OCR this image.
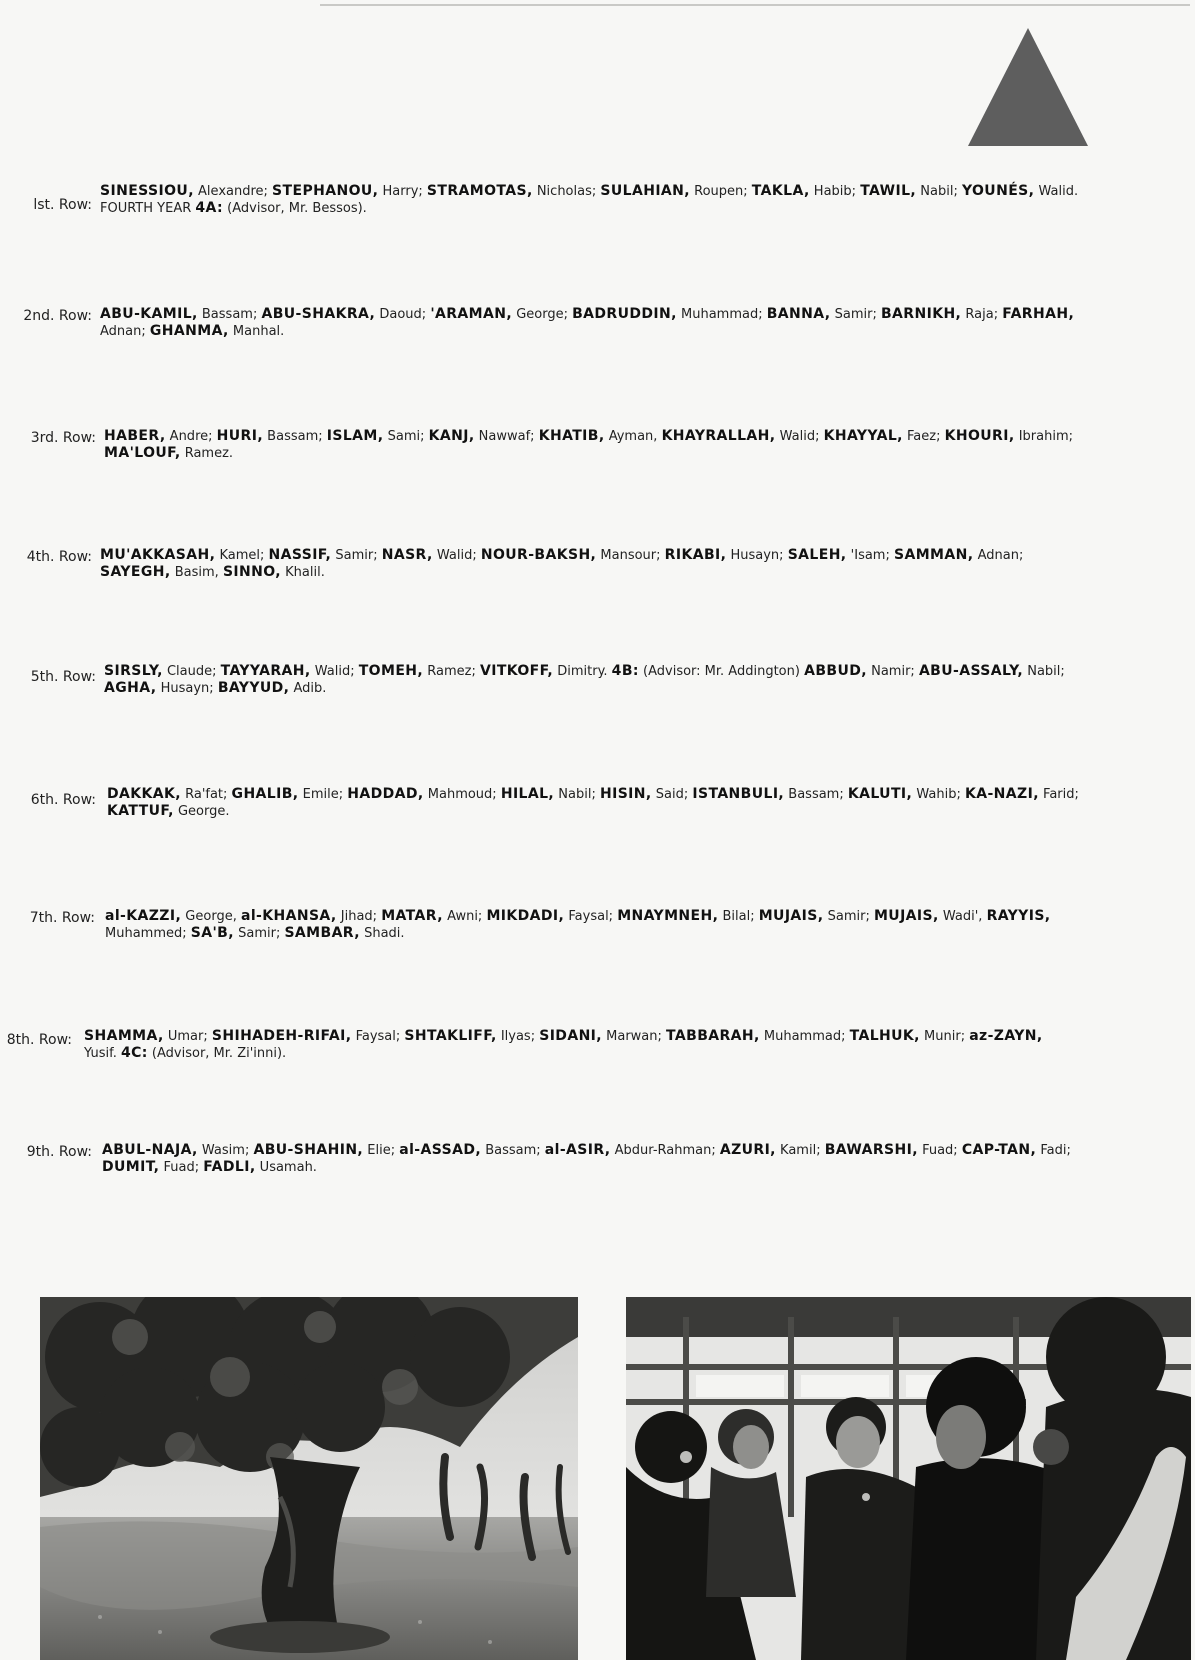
lst. Row:
SINESSIOU, Alexandre; STEPHANOU, Harry; STRAMOTAS, Nicholas; SULAHIAN, Roupen; TAKLA, Habib; TAWIL, Nabil; YOUNÉS, Walid. FOURTH YEAR 4A: (Advisor, Mr. Bessos).
2nd. Row: ABU-KAMIL, Bassam; ABU-SHAKRA, Daoud; 'ARAMAN, George; BADRUDDIN, Muhammad; BANNA, Samir; BARNIKH, Raja; FARHAH, Adnan; GHANMA, Manhal.
3rd. Row: HABER, Andre; HURI, Bassam; ISLAM, Sami; KANJ, Nawwaf; KHATIB, Ayman, KHAYRALLAH, Walid; KHAYYAL, Faez; KHOURI, Ibrahim; MA'LOUF, Ramez.
4th. Row: MU'AKKASAH, Kamel; NASSIF, Samir; NASR, Walid; NOUR-BAKSH, Mansour; RIKABI, Husayn; SALEH, 'Isam; SAMMAN, Adnan; SAYEGH, Basim, SINNO, Khalil.
5th. Row: SIRSLY, Claude; TAYYARAH, Walid; TOMEH, Ramez; VITKOFF, Dimitry. 4B: (Advisor: Mr. Addington) ABBUD, Namir; ABU-ASSALY, Nabil; AGHA, Husayn; BAYYUD, Adib.
6th. Row: DAKKAK, Ra'fat; GHALIB, Emile; HADDAD, Mahmoud; HILAL, Nabil; HISIN, Said; ISTANBULI, Bassam; KALUTI, Wahib; KA-NAZI, Farid; KATTUF, George.
7th. Row: al-KAZZI, George, al-KHANSA, Jihad; MATAR, Awni; MIKDADI, Faysal; MNAYMNEH, Bilal; MUJAIS, Samir; MUJAIS, Wadi', RAYYIS, Muhammed; SA'B, Samir; SAMBAR, Shadi.
8th. Row: SHAMMA, Umar; SHIHADEH-RIFAI, Faysal; SHTAKLIFF, Ilyas; SIDANI, Marwan; TABBARAH, Muhammad; TALHUK, Munir; az-ZAYN, Yusif. 4C: (Advisor, Mr. Zi'inni).
9th. Row: ABUL-NAJA, Wasim; ABU-SHAHIN, Elie; al-ASSAD, Bassam; al-ASIR, Abdur-Rahman; AZURI, Kamil; BAWARSHI, Fuad; CAP-TAN, Fadi; DUMIT, Fuad; FADLI, Usamah.
